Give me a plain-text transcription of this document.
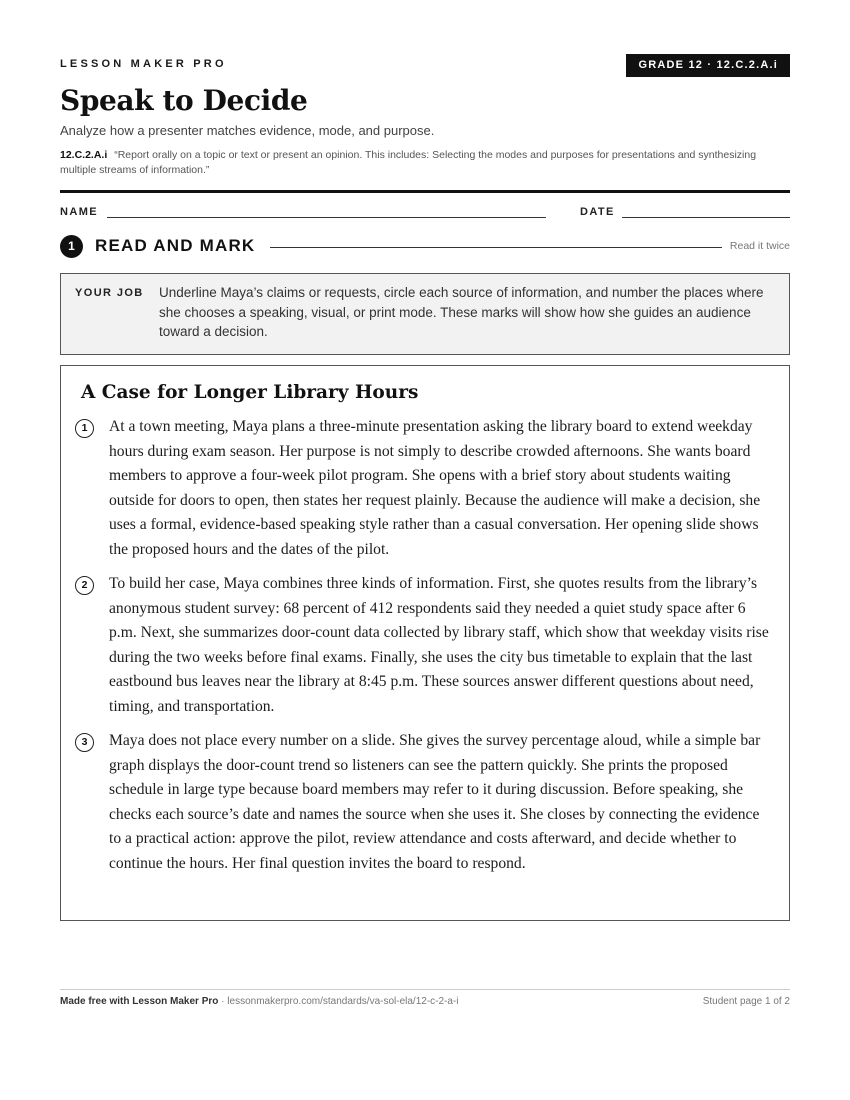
LESSON MAKER PRO	GRADE 12 · 12.C.2.A.i
Speak to Decide
Analyze how a presenter matches evidence, mode, and purpose.
12.C.2.A.i “Report orally on a topic or text or present an opinion. This includes: Selecting the modes and purposes for presentations and synthesizing multiple streams of information.”
NAME	DATE
1	READ AND MARK	Read it twice
YOUR JOB Underline Maya’s claims or requests, circle each source of information, and number the places where she chooses a speaking, visual, or print mode. These marks will show how she guides an audience toward a decision.
A Case for Longer Library Hours
1	At a town meeting, Maya plans a three-minute presentation asking the library board to extend weekday hours during exam season. Her purpose is not simply to describe crowded afternoons. She wants board members to approve a four-week pilot program. She opens with a brief story about students waiting outside for doors to open, then states her request plainly. Because the audience will make a decision, she uses a formal, evidence-based speaking style rather than a casual conversation. Her opening slide shows the proposed hours and the dates of the pilot.

2	To build her case, Maya combines three kinds of information. First, she quotes results from the library’s anonymous student survey: 68 percent of 412 respondents said they needed a quiet study space after 6 p.m. Next, she summarizes door-count data collected by library staff, which show that weekday visits rise during the two weeks before final exams. Finally, she uses the city bus timetable to explain that the last eastbound bus leaves near the library at 8:45 p.m. These sources answer different questions about need, timing, and transportation.

3	Maya does not place every number on a slide. She gives the survey percentage aloud, while a simple bar graph displays the door-count trend so listeners can see the pattern quickly. She prints the proposed schedule in large type because board members may refer to it during discussion. Before speaking, she checks each source’s date and names the source when she uses it. She closes by connecting the evidence to a practical action: approve the pilot, review attendance and costs afterward, and decide whether to continue the hours. Her final question invites the board to respond.

Made free with Lesson Maker Pro · lessonmakerpro.com/standards/va-sol-ela/12-c-2-a-i	Student page 1 of 2
